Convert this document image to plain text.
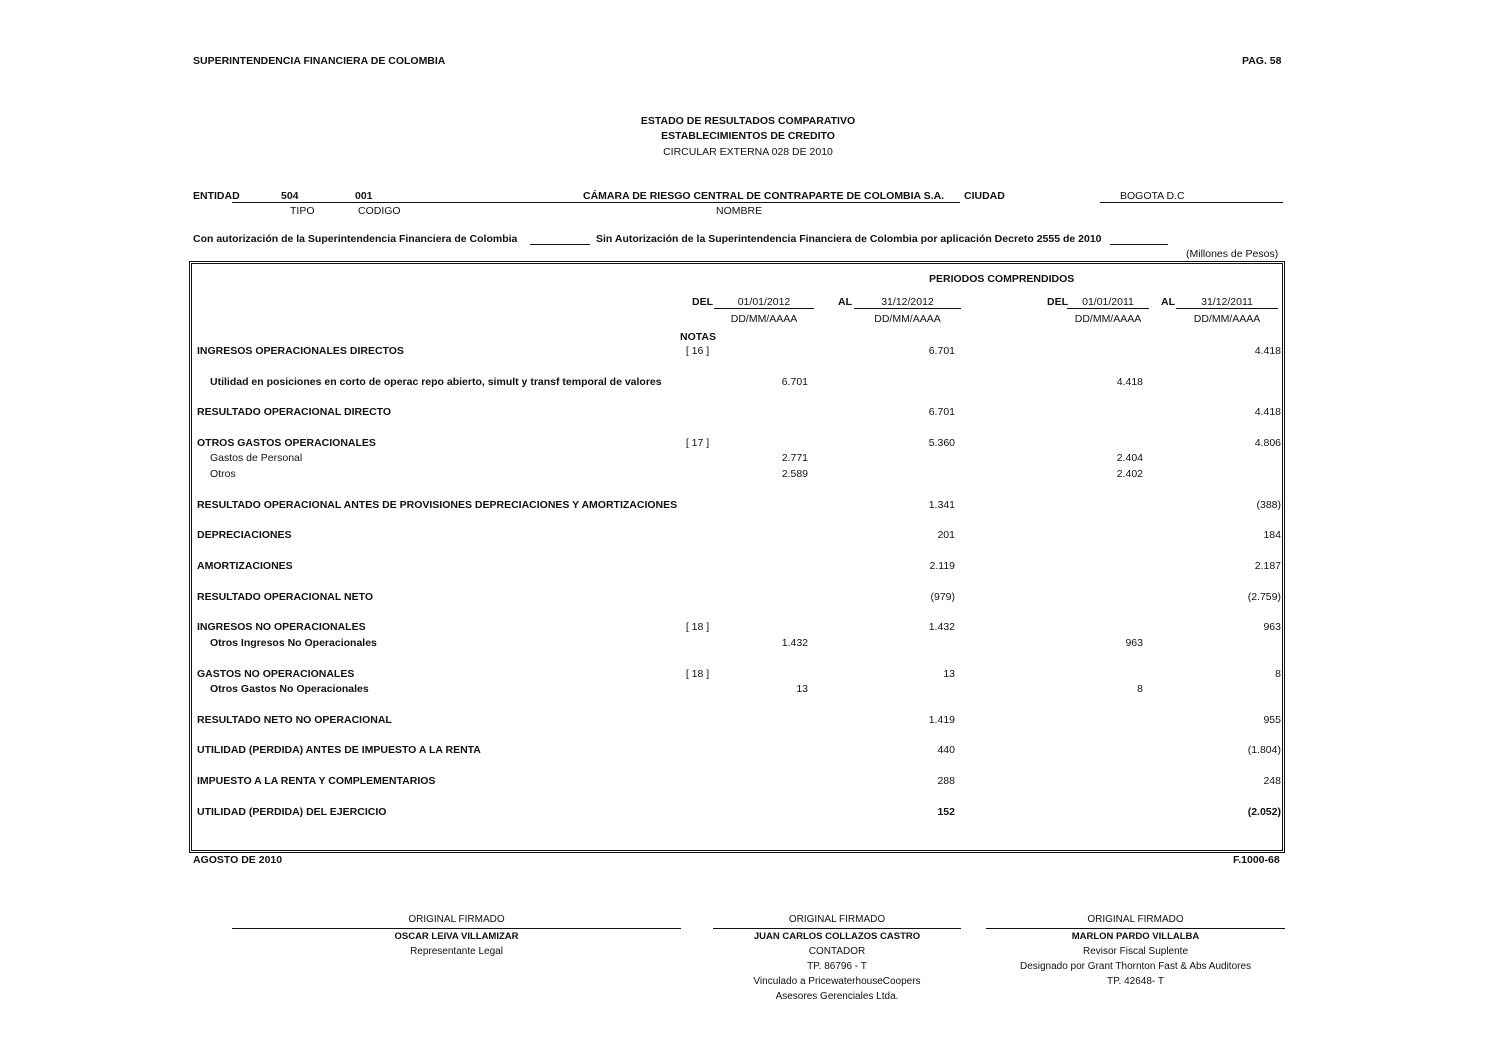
SUPERINTENDENCIA FINANCIERA DE COLOMBIA	PAG. 58
ESTADO DE RESULTADOS COMPARATIVO
ESTABLECIMIENTOS DE CREDITO
CIRCULAR EXTERNA 028 DE 2010
ENTIDAD	504	001	CÁMARA DE RIESGO CENTRAL DE CONTRAPARTE DE COLOMBIA S.A. CIUDAD	BOGOTA D.C
TIPO	CODIGO	NOMBRE
Con autorización de la Superintendencia Financiera de Colombia	Sin Autorización de la Superintendencia Financiera de Colombia por aplicación Decreto 2555 de 2010
(Millones de Pesos)
PERIODOS COMPRENDIDOS
DEL	01/01/2012	AL	31/12/2012	DEL	01/01/2011	AL	31/12/2011
DD/MM/AAAA	DD/MM/AAAA	DD/MM/AAAA	DD/MM/AAAA
NOTAS
INGRESOS OPERACIONALES DIRECTOS	[ 16 ]	6.701	4.418
Utilidad en posiciones en corto de operac repo abierto, simult y transf temporal de valores	6.701	4.418
RESULTADO OPERACIONAL DIRECTO	6.701	4.418
OTROS GASTOS OPERACIONALES	[ 17 ]	5.360	4.806
Gastos de Personal	2.771	2.404
Otros	2.589	2.402
RESULTADO OPERACIONAL ANTES DE PROVISIONES DEPRECIACIONES Y AMORTIZACIONES	1.341	(388)
DEPRECIACIONES	201	184
AMORTIZACIONES	2.119	2.187
RESULTADO OPERACIONAL NETO	(979)	(2.759)
INGRESOS NO OPERACIONALES	[ 18 ]	1.432	963
Otros Ingresos No Operacionales	1.432	963
GASTOS NO OPERACIONALES	[ 18 ]	13	8
Otros Gastos No Operacionales	13	8
RESULTADO NETO NO OPERACIONAL	1.419	955
UTILIDAD (PERDIDA) ANTES DE IMPUESTO A LA RENTA	440	(1.804)
IMPUESTO A LA RENTA Y COMPLEMENTARIOS	288	248
UTILIDAD (PERDIDA) DEL EJERCICIO	152	(2.052)
AGOSTO DE 2010	F.1000-68
ORIGINAL FIRMADO
OSCAR LEIVA VILLAMIZAR
Representante Legal
ORIGINAL FIRMADO
JUAN CARLOS COLLAZOS CASTRO
CONTADOR
TP. 86796 - T
Vinculado a PricewaterhouseCoopers
Asesores Gerenciales Ltda.
ORIGINAL FIRMADO
MARLON PARDO VILLALBA
Revisor Fiscal Suplente
Designado por Grant Thornton Fast & Abs Auditores
TP. 42648- T
